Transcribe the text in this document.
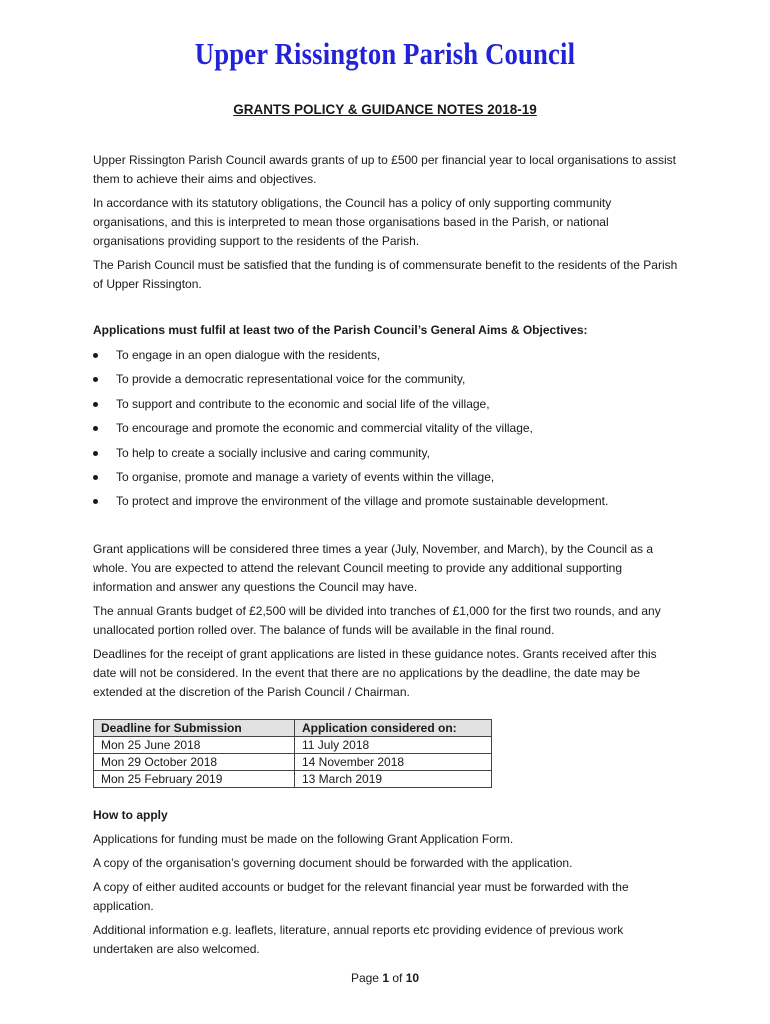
Upper Rissington Parish Council
GRANTS POLICY & GUIDANCE NOTES 2018-19

Upper Rissington Parish Council awards grants of up to £500 per financial year to local organisations to assist them to achieve their aims and objectives.

In accordance with its statutory obligations, the Council has a policy of only supporting community organisations, and this is interpreted to mean those organisations based in the Parish, or national organisations providing support to the residents of the Parish.

The Parish Council must be satisfied that the funding is of commensurate benefit to the residents of the Parish of Upper Rissington.

Applications must fulfil at least two of the Parish Council’s General Aims & Objectives:

To engage in an open dialogue with the residents,
To provide a democratic representational voice for the community,
To support and contribute to the economic and social life of the village,
To encourage and promote the economic and commercial vitality of the village,
To help to create a socially inclusive and caring community,
To organise, promote and manage a variety of events within the village,
To protect and improve the environment of the village and promote sustainable development.

Grant applications will be considered three times a year (July, November, and March), by the Council as a whole. You are expected to attend the relevant Council meeting to provide any additional supporting information and answer any questions the Council may have.

The annual Grants budget of £2,500 will be divided into tranches of £1,000 for the first two rounds, and any unallocated portion rolled over. The balance of funds will be available in the final round.

Deadlines for the receipt of grant applications are listed in these guidance notes. Grants received after this date will not be considered. In the event that there are no applications by the deadline, the date may be extended at the discretion of the Parish Council / Chairman.

Deadline for Submission	Application considered on:
Mon 25 June 2018	11 July 2018
Mon 29 October 2018	14 November 2018
Mon 25 February 2019	13 March 2019

How to apply

Applications for funding must be made on the following Grant Application Form.

A copy of the organisation’s governing document should be forwarded with the application.

A copy of either audited accounts or budget for the relevant financial year must be forwarded with the application.

Additional information e.g. leaflets, literature, annual reports etc providing evidence of previous work undertaken are also welcomed.

Page 1 of 10
